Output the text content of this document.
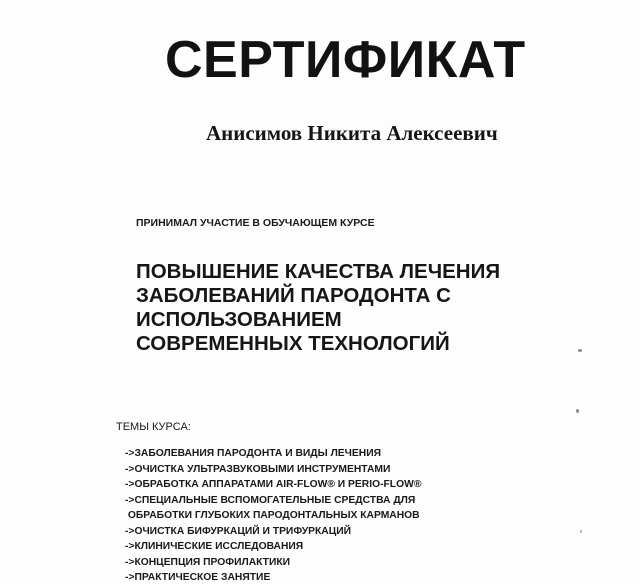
СЕРТИФИКАТ
Анисимов Никита Алексеевич
ПРИНИМАЛ УЧАСТИЕ В ОБУЧАЮЩЕМ КУРСЕ
ПОВЫШЕНИЕ КАЧЕСТВА ЛЕЧЕНИЯ
ЗАБОЛЕВАНИЙ ПАРОДОНТА С
ИСПОЛЬЗОВАНИЕМ
СОВРЕМЕННЫХ ТЕХНОЛОГИЙ
ТЕМЫ КУРСА:
->ЗАБОЛЕВАНИЯ ПАРОДОНТА И ВИДЫ ЛЕЧЕНИЯ
->ОЧИСТКА УЛЬТРАЗВУКОВЫМИ ИНСТРУМЕНТАМИ
->ОБРАБОТКА АППАРАТАМИ AIR-FLOW® И PERIO-FLOW®
->СПЕЦИАЛЬНЫЕ ВСПОМОГАТЕЛЬНЫЕ СРЕДСТВА ДЛЯ
ОБРАБОТКИ ГЛУБОКИХ ПАРОДОНТАЛЬНЫХ КАРМАНОВ
->ОЧИСТКА БИФУРКАЦИЙ И ТРИФУРКАЦИЙ
->КЛИНИЧЕСКИЕ ИССЛЕДОВАНИЯ
->КОНЦЕПЦИЯ ПРОФИЛАКТИКИ
->ПРАКТИЧЕСКОЕ ЗАНЯТИЕ
